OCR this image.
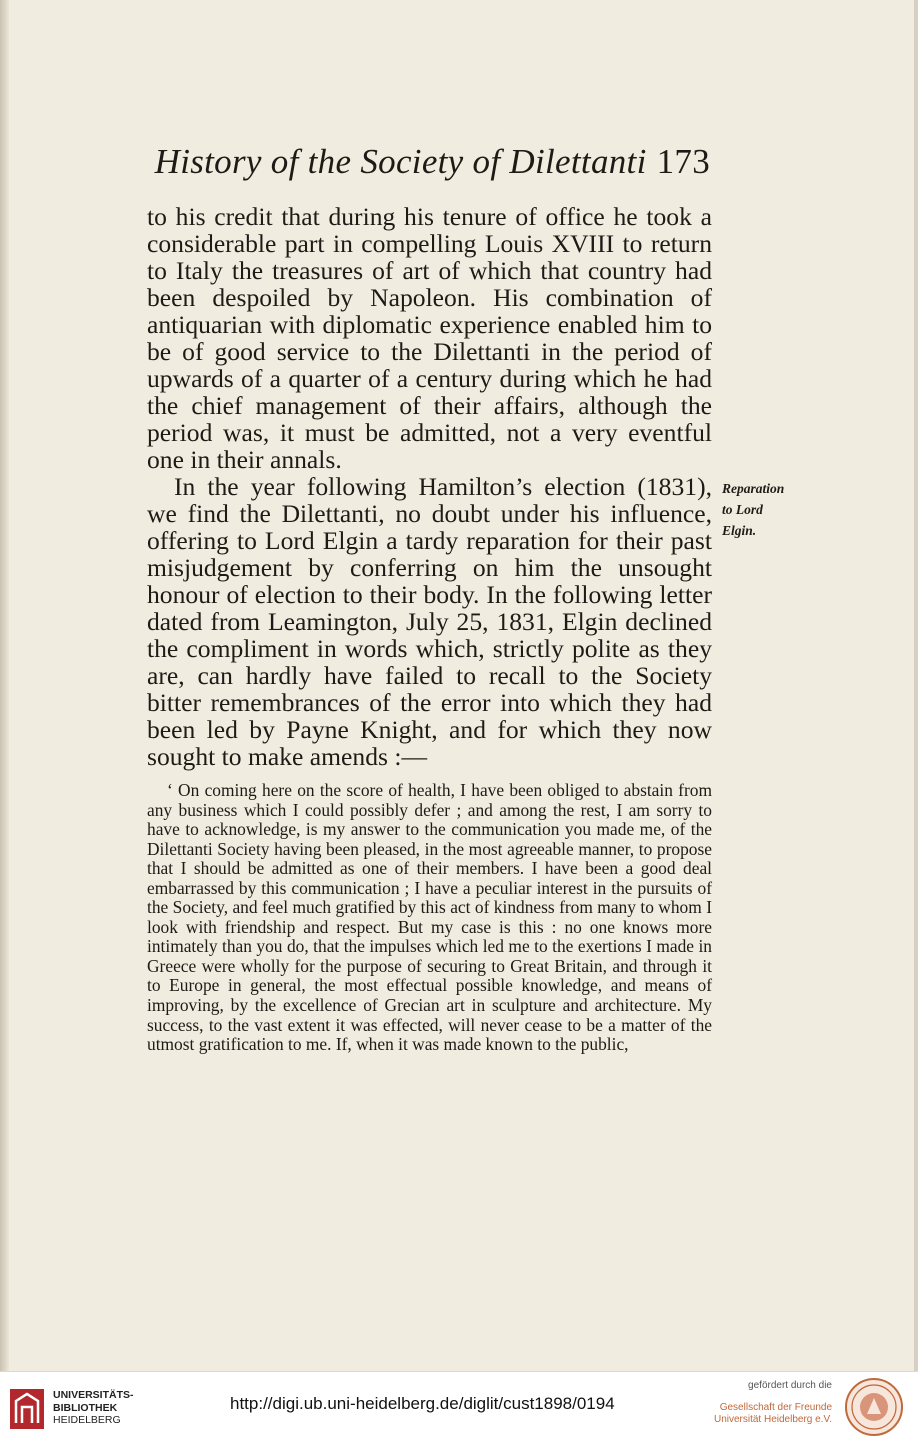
History of the Society of Dilettanti 173

to his credit that during his tenure of office he took a considerable part in compelling Louis XVIII to return to Italy the treasures of art of which that country had been despoiled by Napoleon. His combination of antiquarian with diplomatic experience enabled him to be of good service to the Dilettanti in the period of upwards of a quarter of a century during which he had the chief management of their affairs, although the period was, it must be admitted, not a very eventful one in their annals.

In the year following Hamilton’s election (1831), we find the Dilettanti, no doubt under his influence, offering to Lord Elgin a tardy reparation for their past misjudgement by conferring on him the unsought honour of election to their body. In the following letter dated from Leamington, July 25, 1831, Elgin declined the compliment in words which, strictly polite as they are, can hardly have failed to recall to the Society bitter remembrances of the error into which they had been led by Payne Knight, and for which they now sought to make amends :—

Reparation
to Lord
Elgin.

‘ On coming here on the score of health, I have been obliged to abstain from any business which I could possibly defer ; and among the rest, I am sorry to have to acknowledge, is my answer to the communication you made me, of the Dilettanti Society having been pleased, in the most agreeable manner, to propose that I should be admitted as one of their members. I have been a good deal embarrassed by this communication ; I have a peculiar interest in the pursuits of the Society, and feel much gratified by this act of kindness from many to whom I look with friendship and respect. But my case is this : no one knows more intimately than you do, that the impulses which led me to the exertions I made in Greece were wholly for the purpose of securing to Great Britain, and through it to Europe in general, the most effectual possible knowledge, and means of improving, by the excellence of Grecian art in sculpture and architecture. My success, to the vast extent it was effected, will never cease to be a matter of the utmost gratification to me. If, when it was made known to the public,

UNIVERSITÄTS-
BIBLIOTHEK
HEIDELBERG
http://digi.ub.uni-heidelberg.de/diglit/cust1898/0194
gefördert durch die
Gesellschaft der Freunde
Universität Heidelberg e.V.
